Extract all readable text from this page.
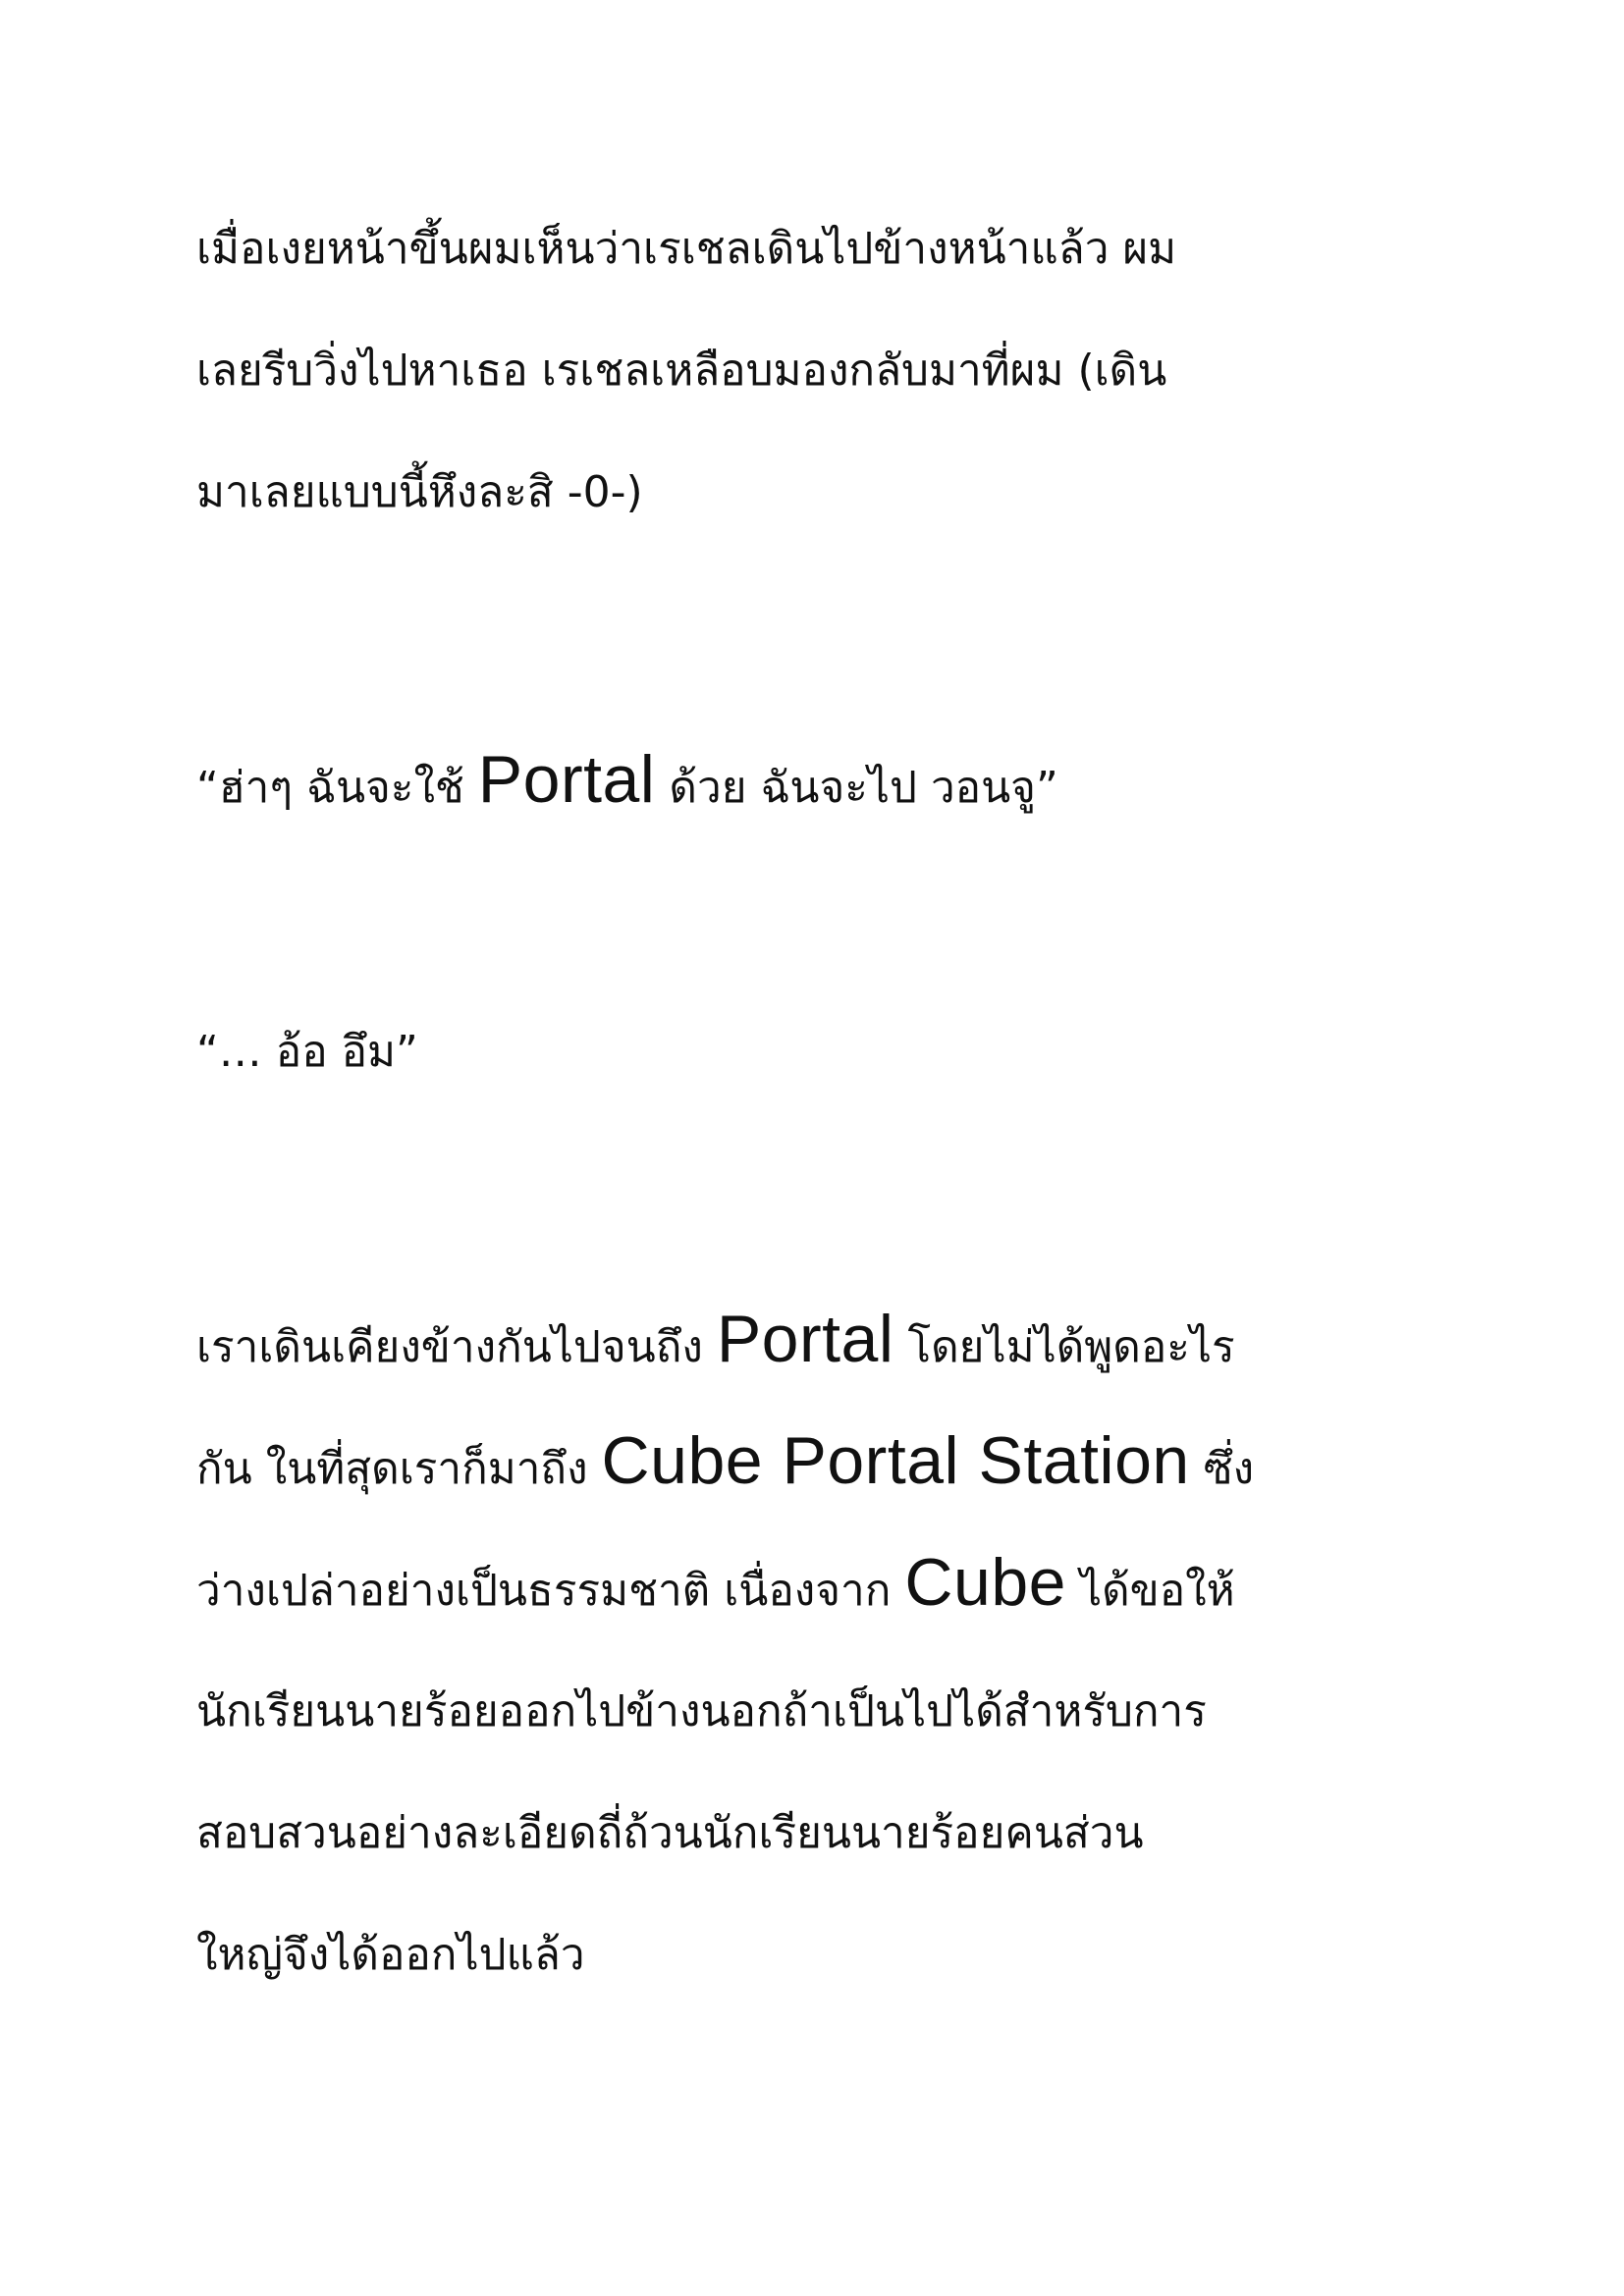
เมื่อเงยหน้าขึ้นผมเห็นว่าเรเชลเดินไปข้างหน้าแล้ว ผม

เลยรีบวิ่งไปหาเธอ เรเชลเหลือบมองกลับมาที่ผม (เดิน

มาเลยแบบนี้หึงละสิ -0-)

“ฮ่าๆ ฉันจะใช้ Portal ด้วย ฉันจะไป วอนจู”

“… อ้อ อึม”

เราเดินเคียงข้างกันไปจนถึง Portal โดยไม่ได้พูดอะไร

กัน ในที่สุดเราก็มาถึง Cube Portal Station ซึ่ง

ว่างเปล่าอย่างเป็นธรรมชาติ เนื่องจาก Cube ได้ขอให้

นักเรียนนายร้อยออกไปข้างนอกถ้าเป็นไปได้สำหรับการ

สอบสวนอย่างละเอียดถี่ถ้วนนักเรียนนายร้อยคนส่วน

ใหญ่จึงได้ออกไปแล้ว
